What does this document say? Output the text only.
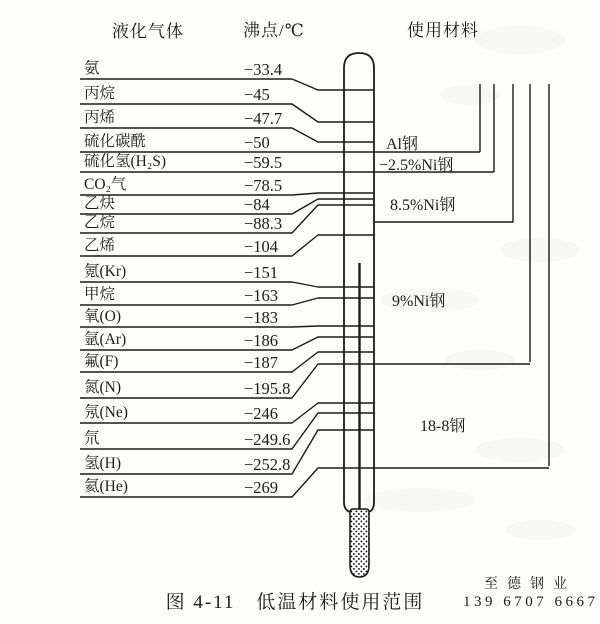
液化气体	沸点/℃	使用材料
氨	−33.4
丙烷	−45
丙烯	−47.7
硫化碳酰	−50
硫化氢(H₂S)	−59.5
CO₂气	−78.5
乙炔	−84
乙烷	−88.3
乙烯	−104
氪(Kr)	−151
甲烷	−163
氧(O)	−183
氩(Ar)	−186
氟(F)	−187
氮(N)	−195.8
氖(Ne)	−246
氘	−249.6
氢(H)	−252.8
氦(He)	−269
Al钢
−2.5%Ni钢
8.5%Ni钢
9%Ni钢
18-8钢
图 4-11　低温材料使用范围
至德钢业
139 6707 6667
